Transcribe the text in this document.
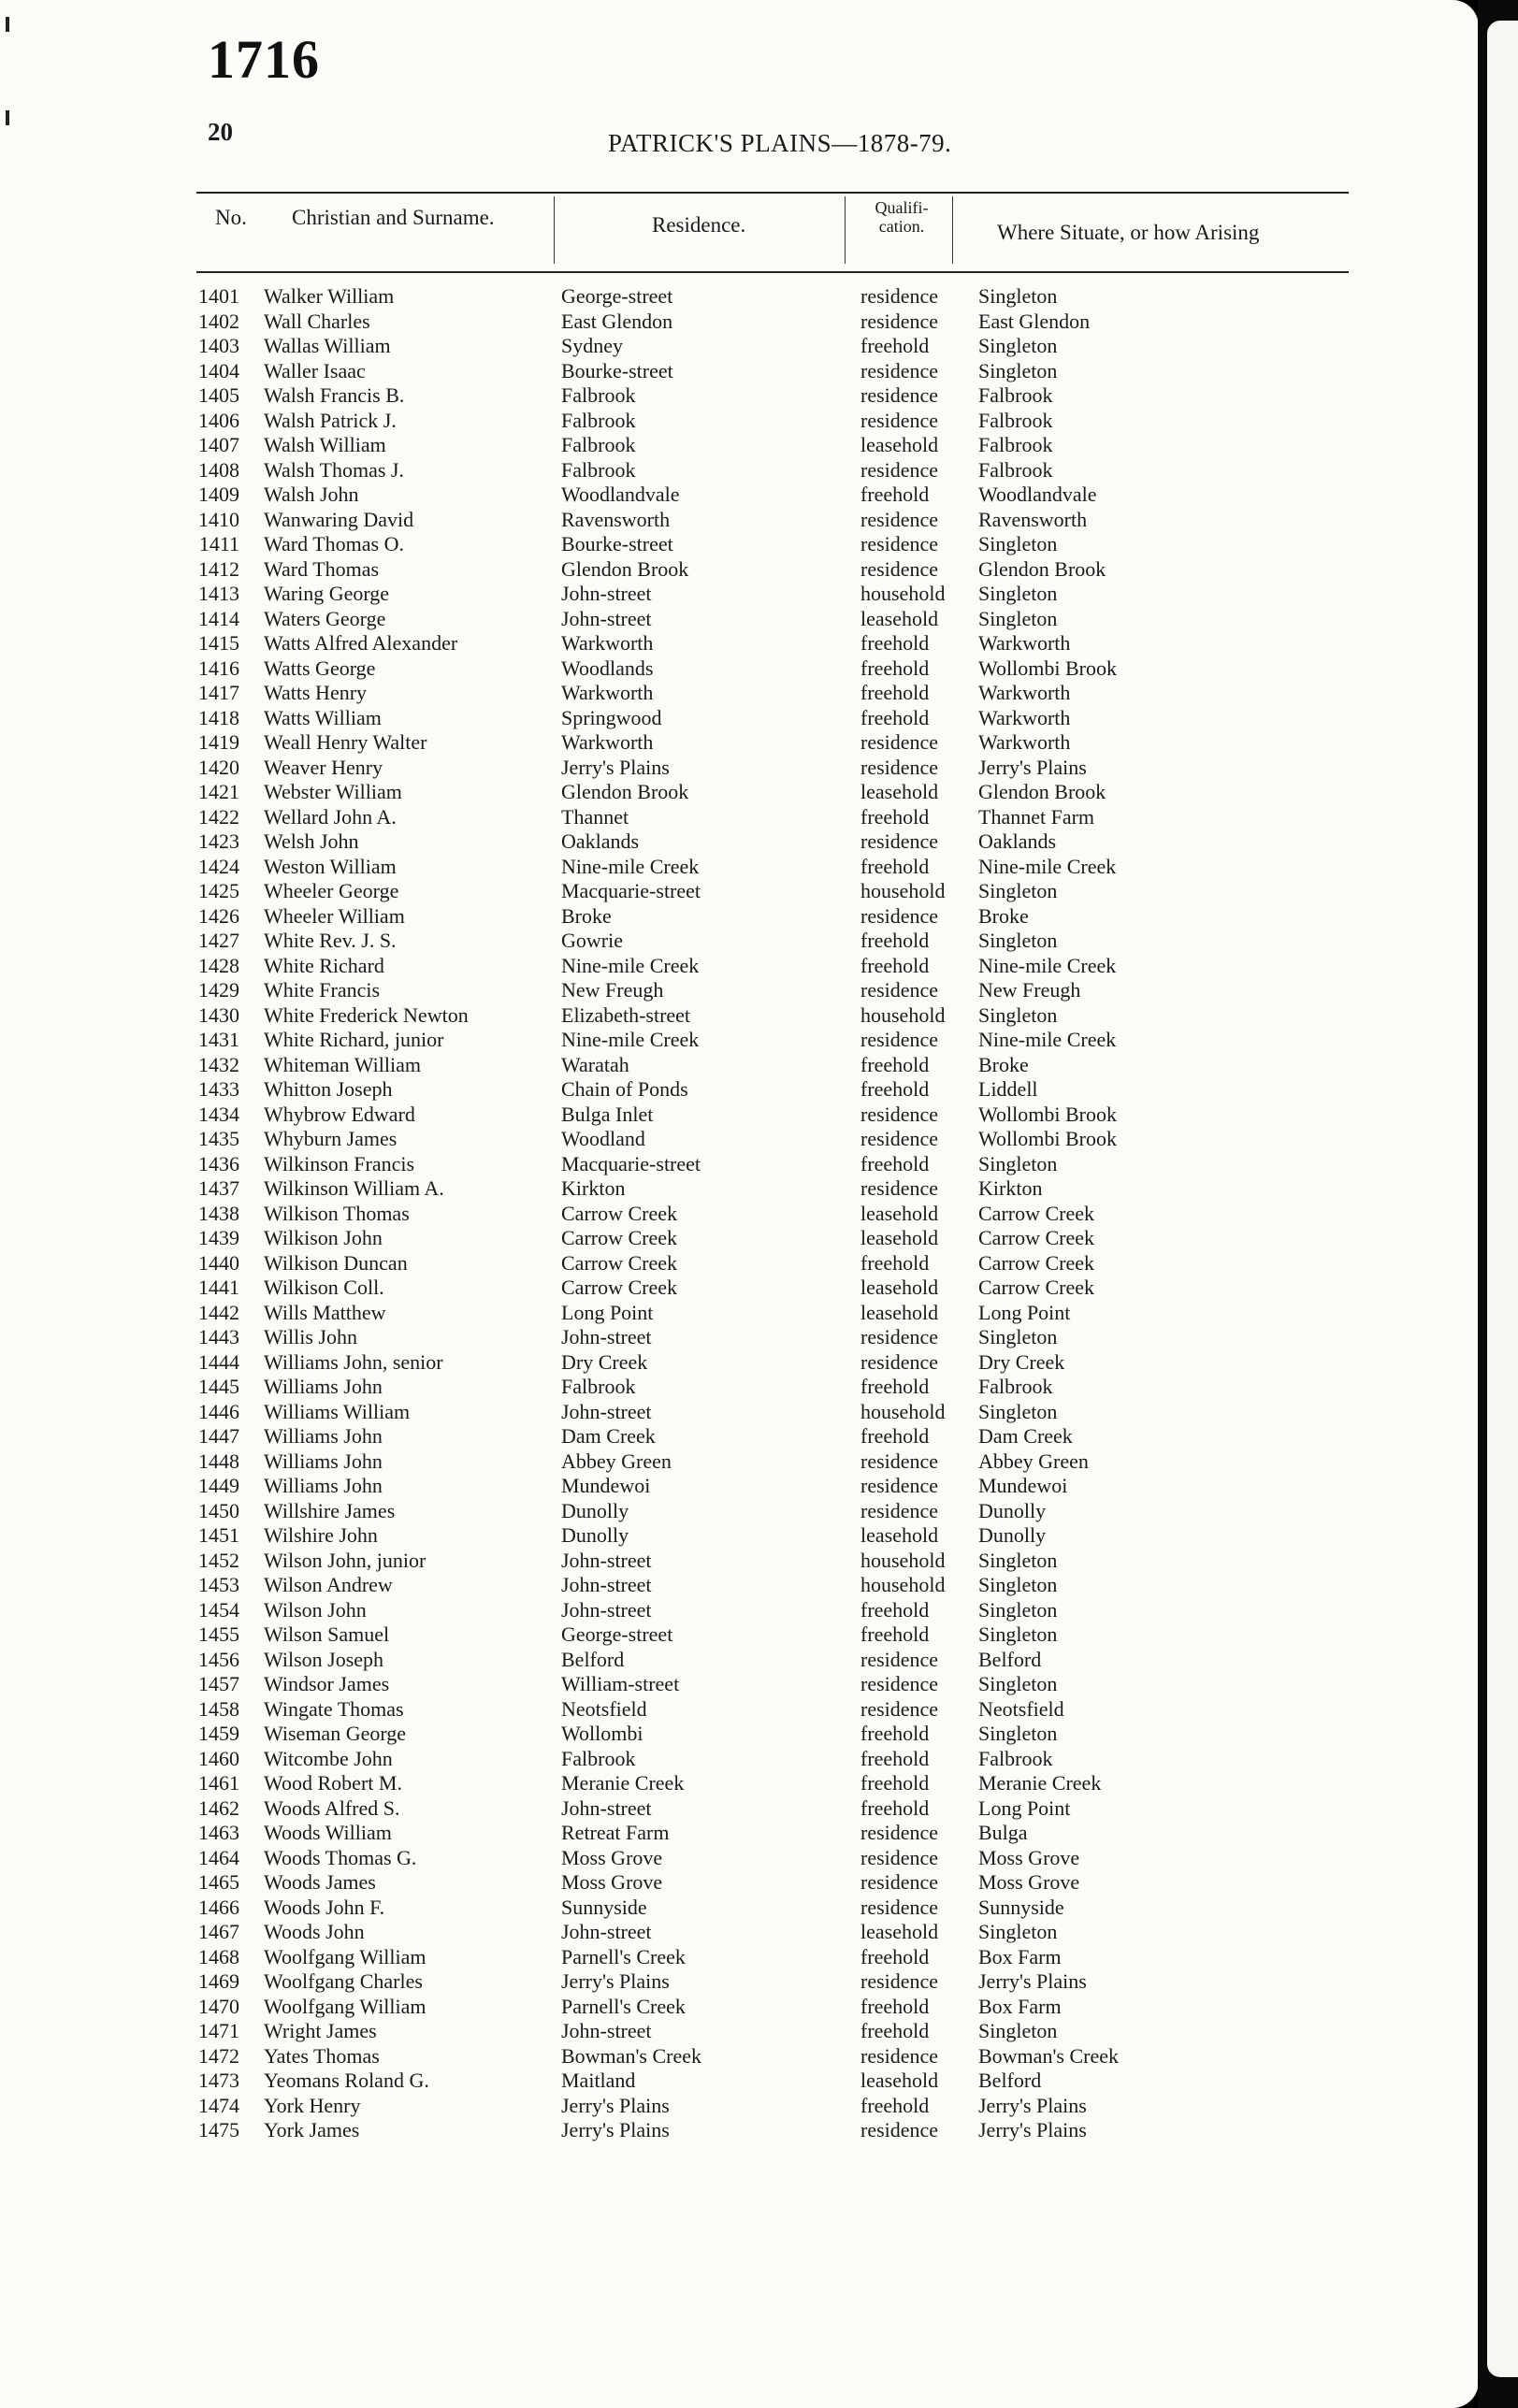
1716
20	PATRICK'S PLAINS—1878-79.
No. Christian and Surname.	Residence.
Qualifi-cation.	Where Situate, or how Arising
1401 Walker William	George-street	residence Singleton
1402 Wall Charles	East Glendon	residence East Glendon
1403 Wallas William	Sydney	freehold Singleton
1404 Waller Isaac	Bourke-street	residence Singleton
1405 Walsh Francis B.	Falbrook	residence Falbrook
1406 Walsh Patrick J.	Falbrook	residence Falbrook
1407 Walsh William	Falbrook	leasehold Falbrook
1408 Walsh Thomas J.	Falbrook	residence Falbrook
1409 Walsh John	Woodlandvale	freehold Woodlandvale
1410 Wanwaring David	Ravensworth	residence Ravensworth
1411 Ward Thomas O.	Bourke-street	residence Singleton
1412 Ward Thomas	Glendon Brook	residence Glendon Brook
1413 Waring George	John-street	household Singleton
1414 Waters George	John-street	leasehold Singleton
1415 Watts Alfred Alexander	Warkworth	freehold Warkworth
1416 Watts George	Woodlands	freehold Wollombi Brook
1417 Watts Henry	Warkworth	freehold Warkworth
1418 Watts William	Springwood	freehold Warkworth
1419 Weall Henry Walter	Warkworth	residence Warkworth
1420 Weaver Henry	Jerry's Plains	residence Jerry's Plains
1421 Webster William	Glendon Brook	leasehold Glendon Brook
1422 Wellard John A.	Thannet	freehold Thannet Farm
1423 Welsh John	Oaklands	residence Oaklands
1424 Weston William	Nine-mile Creek	freehold Nine-mile Creek
1425 Wheeler George	Macquarie-street	household Singleton
1426 Wheeler William	Broke	residence Broke
1427 White Rev. J. S.	Gowrie	freehold Singleton
1428 White Richard	Nine-mile Creek	freehold Nine-mile Creek
1429 White Francis	New Freugh	residence New Freugh
1430 White Frederick Newton	Elizabeth-street	household Singleton
1431 White Richard, junior	Nine-mile Creek	residence Nine-mile Creek
1432 Whiteman William	Waratah	freehold Broke
1433 Whitton Joseph	Chain of Ponds	freehold Liddell
1434 Whybrow Edward	Bulga Inlet	residence Wollombi Brook
1435 Whyburn James	Woodland	residence Wollombi Brook
1436 Wilkinson Francis	Macquarie-street	freehold Singleton
1437 Wilkinson William A.	Kirkton	residence Kirkton
1438 Wilkison Thomas	Carrow Creek	leasehold Carrow Creek
1439 Wilkison John	Carrow Creek	leasehold Carrow Creek
1440 Wilkison Duncan	Carrow Creek	freehold Carrow Creek
1441 Wilkison Coll.	Carrow Creek	leasehold Carrow Creek
1442 Wills Matthew	Long Point	leasehold Long Point
1443 Willis John	John-street	residence Singleton
1444 Williams John, senior	Dry Creek	residence Dry Creek
1445 Williams John	Falbrook	freehold Falbrook
1446 Williams William	John-street	household Singleton
1447 Williams John	Dam Creek	freehold Dam Creek
1448 Williams John	Abbey Green	residence Abbey Green
1449 Williams John	Mundewoi	residence Mundewoi
1450 Willshire James	Dunolly	residence Dunolly
1451 Wilshire John	Dunolly	leasehold Dunolly
1452 Wilson John, junior	John-street	household Singleton
1453 Wilson Andrew	John-street	household Singleton
1454 Wilson John	John-street	freehold Singleton
1455 Wilson Samuel	George-street	freehold Singleton
1456 Wilson Joseph	Belford	residence Belford
1457 Windsor James	William-street	residence Singleton
1458 Wingate Thomas	Neotsfield	residence Neotsfield
1459 Wiseman George	Wollombi	freehold Singleton
1460 Witcombe John	Falbrook	freehold Falbrook
1461 Wood Robert M.	Meranie Creek	freehold Meranie Creek
1462 Woods Alfred S.	John-street	freehold Long Point
1463 Woods William	Retreat Farm	residence Bulga
1464 Woods Thomas G.	Moss Grove	residence Moss Grove
1465 Woods James	Moss Grove	residence Moss Grove
1466 Woods John F.	Sunnyside	residence Sunnyside
1467 Woods John	John-street	leasehold Singleton
1468 Woolfgang William	Parnell's Creek	freehold Box Farm
1469 Woolfgang Charles	Jerry's Plains	residence Jerry's Plains
1470 Woolfgang William	Parnell's Creek	freehold Box Farm
1471 Wright James	John-street	freehold Singleton
1472 Yates Thomas	Bowman's Creek	residence Bowman's Creek
1473 Yeomans Roland G.	Maitland	leasehold Belford
1474 York Henry	Jerry's Plains	freehold Jerry's Plains
1475 York James	Jerry's Plains	residence Jerry's Plains
